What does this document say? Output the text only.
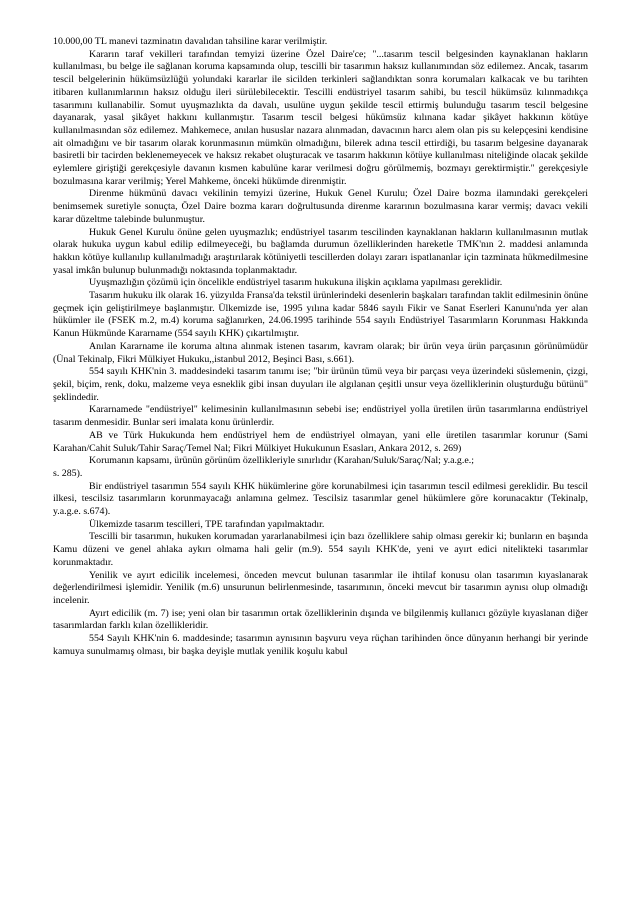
10.000,00 TL manevi tazminatın davalıdan tahsiline karar verilmiştir.

Kararın taraf vekilleri tarafından temyizi üzerine Özel Daire'ce; "...tasarım tescil belgesinden kaynaklanan hakların kullanılması, bu belge ile sağlanan koruma kapsamında olup, tescilli bir tasarımın haksız kullanımından söz edilemez. Ancak, tasarım tescil belgelerinin hükümsüzlüğü yolundaki kararlar ile sicilden terkinleri sağlandıktan sonra korumaları kalkacak ve bu tarihten itibaren kullanımlarının haksız olduğu ileri sürülebilecektir. Tescilli endüstriyel tasarım sahibi, bu tescil hükümsüz kılınmadıkça tasarımını kullanabilir. Somut uyuşmazlıkta da davalı, usulüne uygun şekilde tescil ettirmiş bulunduğu tasarım tescil belgesine dayanarak, yasal şikâyet hakkını kullanmıştır. Tasarım tescil belgesi hükümsüz kılınana kadar şikâyet hakkının kötüye kullanılmasından söz edilemez. Mahkemece, anılan hususlar nazara alınmadan, davacının harcı alem olan pis su kelepçesini kendisine ait olmadığını ve bir tasarım olarak korunmasının mümkün olmadığını, bilerek adına tescil ettirdiği, bu tasarım belgesine dayanarak basiretli bir tacirden beklenemeyecek ve haksız rekabet oluşturacak ve tasarım hakkının kötüye kullanılması niteliğinde olacak şekilde eylemlere giriştiği gerekçesiyle davanın kısmen kabulüne karar verilmesi doğru görülmemiş, bozmayı gerektirmiştir." gerekçesiyle bozulmasına karar verilmiş; Yerel Mahkeme, önceki hükümde direnmiştir.

Direnme hükmünü davacı vekilinin temyizi üzerine, Hukuk Genel Kurulu; Özel Daire bozma ilamındaki gerekçeleri benimsemek suretiyle sonuçta, Özel Daire bozma kararı doğrultusunda direnme kararının bozulmasına karar vermiş; davacı vekili karar düzeltme talebinde bulunmuştur.

Hukuk Genel Kurulu önüne gelen uyuşmazlık; endüstriyel tasarım tescilinden kaynaklanan hakların kullanılmasının mutlak olarak hukuka uygun kabul edilip edilmeyeceği, bu bağlamda durumun özelliklerinden hareketle TMK'nın 2. maddesi anlamında hakkın kötüye kullanılıp kullanılmadığı araştırılarak kötüniyetli tescillerden dolayı zararı ispatlananlar için tazminata hükmedilmesine yasal imkân bulunup bulunmadığı noktasında toplanmaktadır.

Uyuşmazlığın çözümü için öncelikle endüstriyel tasarım hukukuna ilişkin açıklama yapılması gereklidir.

Tasarım hukuku ilk olarak 16. yüzyılda Fransa'da tekstil ürünlerindeki desenlerin başkaları tarafından taklit edilmesinin önüne geçmek için geliştirilmeye başlanmıştır. Ülkemizde ise, 1995 yılına kadar 5846 sayılı Fikir ve Sanat Eserleri Kanunu'nda yer alan hükümler ile (FSEK m.2, m.4) koruma sağlanırken, 24.06.1995 tarihinde 554 sayılı Endüstriyel Tasarımların Korunması Hakkında Kanun Hükmünde Kararname (554 sayılı KHK) çıkartılmıştır.

Anılan Kararname ile koruma altına alınmak istenen tasarım, kavram olarak; bir ürün veya ürün parçasının görünümüdür (Ünal Tekinalp, Fikri Mülkiyet Hukuku,,istanbul 2012, Beşinci Bası, s.661).

554 sayılı KHK'nin 3. maddesindeki tasarım tanımı ise; "bir ürünün tümü veya bir parçası veya üzerindeki süslemenin, çizgi, şekil, biçim, renk, doku, malzeme veya esneklik gibi insan duyuları ile algılanan çeşitli unsur veya özelliklerinin oluşturduğu bütünü" şeklindedir.

Kararnamede "endüstriyel" kelimesinin kullanılmasının sebebi ise; endüstriyel yolla üretilen ürün tasarımlarına endüstriyel tasarım denmesidir. Bunlar seri imalata konu ürünlerdir.

AB ve Türk Hukukunda hem endüstriyel hem de endüstriyel olmayan, yani elle üretilen tasarımlar korunur (Sami Karahan/Cahit Suluk/Tahir Saraç/Temel Nal; Fikri Mülkiyet Hukukunun Esasları, Ankara 2012, s. 269)

Korumanın kapsamı, ürünün görünüm özellikleriyle sınırlıdır (Karahan/Suluk/Saraç/Nal; y.a.g.e.;

s. 285).

Bir endüstriyel tasarımın 554 sayılı KHK hükümlerine göre korunabilmesi için tasarımın tescil edilmesi gereklidir. Bu tescil ilkesi, tescilsiz tasarımların korunmayacağı anlamına gelmez. Tescilsiz tasarımlar genel hükümlere göre korunacaktır (Tekinalp, y.a.g.e. s.674).

Ülkemizde tasarım tescilleri, TPE tarafından yapılmaktadır.

Tescilli bir tasarımın, hukuken korumadan yararlanabilmesi için bazı özelliklere sahip olması gerekir ki; bunların en başında Kamu düzeni ve genel ahlaka aykırı olmama hali gelir (m.9). 554 sayılı KHK'de, yeni ve ayırt edici nitelikteki tasarımlar korunmaktadır.

Yenilik ve ayırt edicilik incelemesi, önceden mevcut bulunan tasarımlar ile ihtilaf konusu olan tasarımın kıyaslanarak değerlendirilmesi işlemidir. Yenilik (m.6) unsurunun belirlenmesinde, tasarımının, önceki mevcut bir tasarımın aynısı olup olmadığı incelenir.

Ayırt edicilik (m. 7) ise; yeni olan bir tasarımın ortak özelliklerinin dışında ve bilgilenmiş kullanıcı gözüyle kıyaslanan diğer tasarımlardan farklı kılan özellikleridir.

554 Sayılı KHK'nin 6. maddesinde; tasarımın aynısının başvuru veya rüçhan tarihinden önce dünyanın herhangi bir yerinde kamuya sunulmamış olması, bir başka deyişle mutlak yenilik koşulu kabul
